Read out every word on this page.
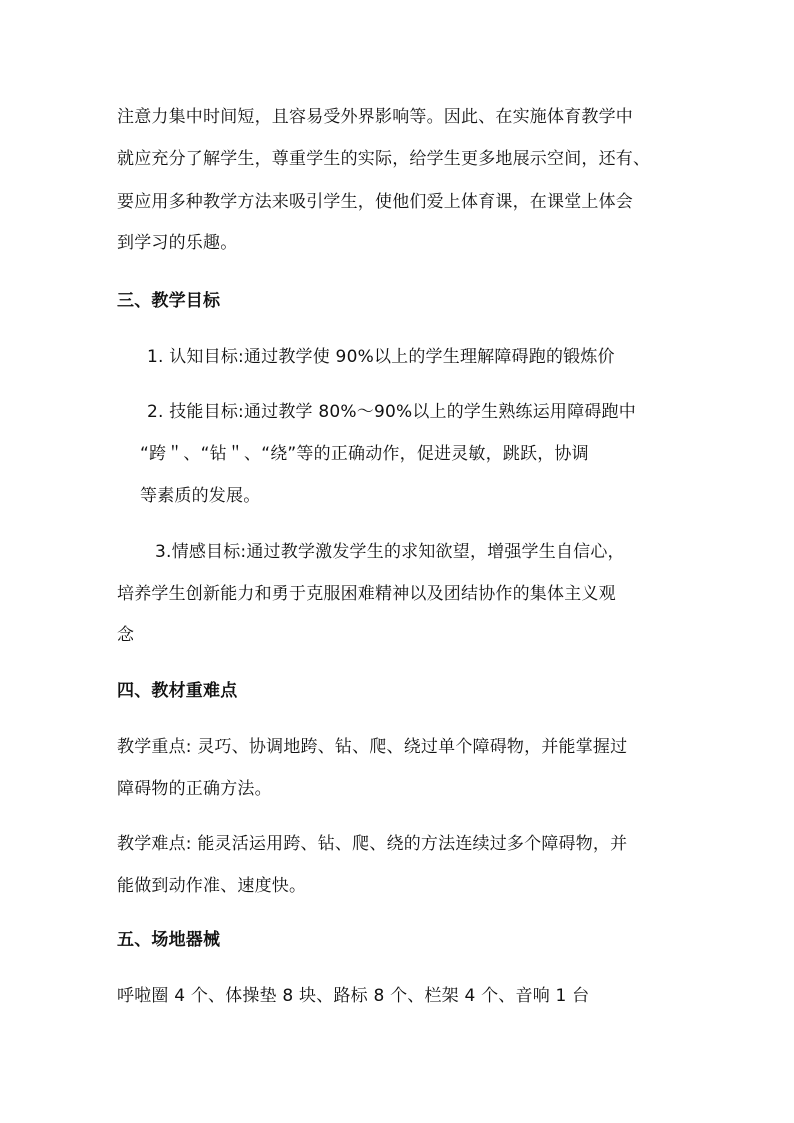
注意力集中时间短，且容易受外界影响等。因此、在实施体育教学中
就应充分了解学生，尊重学生的实际，给学生更多地展示空间，还有、
要应用多种教学方法来吸引学生，使他们爱上体育课，在课堂上体会
到学习的乐趣。
三、教学目标
1. 认知目标:通过教学使 90%以上的学生理解障碍跑的锻炼价
2. 技能目标:通过教学 80%～90%以上的学生熟练运用障碍跑中
“跨＂、“钻＂、“绕”等的正确动作，促进灵敏，跳跃，协调
等素质的发展。
3.情感目标:通过教学激发学生的求知欲望，增强学生自信心，
培养学生创新能力和勇于克服困难精神以及团结协作的集体主义观
念
四、教材重难点
教学重点: 灵巧、协调地跨、钻、爬、绕过单个障碍物，并能掌握过
障碍物的正确方法。
教学难点: 能灵活运用跨、钻、爬、绕的方法连续过多个障碍物，并
能做到动作准、速度快。
五、场地器械
呼啦圈 4 个、体操垫 8 块、路标 8 个、栏架 4 个、音响 1 台
